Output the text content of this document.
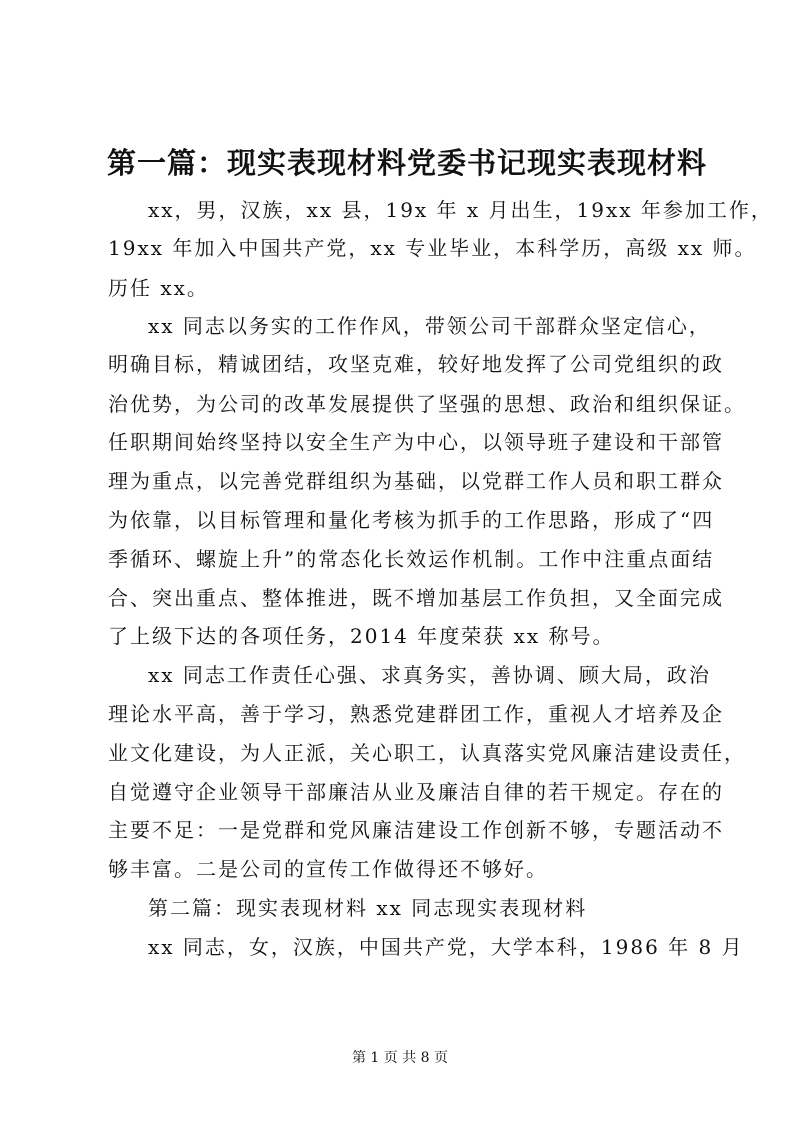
第一篇：现实表现材料党委书记现实表现材料
xx，男，汉族，xx 县，19x 年 x 月出生，19xx 年参加工作，
19xx 年加入中国共产党，xx 专业毕业，本科学历，高级 xx 师。
历任 xx。
xx 同志以务实的工作作风，带领公司干部群众坚定信心，
明确目标，精诚团结，攻坚克难，较好地发挥了公司党组织的政
治优势，为公司的改革发展提供了坚强的思想、政治和组织保证。
任职期间始终坚持以安全生产为中心，以领导班子建设和干部管
理为重点，以完善党群组织为基础，以党群工作人员和职工群众
为依靠，以目标管理和量化考核为抓手的工作思路，形成了“四
季循环、螺旋上升”的常态化长效运作机制。工作中注重点面结
合、突出重点、整体推进，既不增加基层工作负担，又全面完成
了上级下达的各项任务，2014 年度荣获 xx 称号。
xx 同志工作责任心强、求真务实，善协调、顾大局，政治
理论水平高，善于学习，熟悉党建群团工作，重视人才培养及企
业文化建设，为人正派，关心职工，认真落实党风廉洁建设责任，
自觉遵守企业领导干部廉洁从业及廉洁自律的若干规定。存在的
主要不足：一是党群和党风廉洁建设工作创新不够，专题活动不
够丰富。二是公司的宣传工作做得还不够好。
第二篇：现实表现材料 xx 同志现实表现材料
xx 同志，女，汉族，中国共产党，大学本科，1986 年 8 月
第 1 页 共 8 页
